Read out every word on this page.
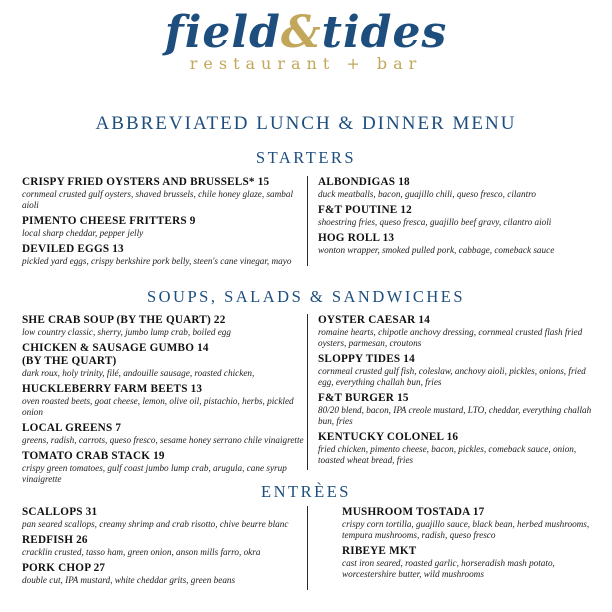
field&tides
restaurant + bar
ABBREVIATED LUNCH & DINNER MENU
STARTERS
CRISPY FRIED OYSTERS AND BRUSSELS* 15
cornmeal crusted gulf oysters, shaved brussels, chile honey glaze, sambal aioli
PIMENTO CHEESE FRITTERS 9
local sharp cheddar, pepper jelly
DEVILED EGGS 13
pickled yard eggs, crispy berkshire pork belly, steen's cane vinegar, mayo
ALBONDIGAS 18
duck meatballs, bacon, guajillo chili, queso fresco, cilantro
F&T POUTINE 12
shoestring fries, queso fresca, guajillo beef gravy, cilantro aioli
HOG ROLL 13
wonton wrapper, smoked pulled pork, cabbage, comeback sauce
SOUPS, SALADS & SANDWICHES
SHE CRAB SOUP (BY THE QUART) 22
low country classic, sherry, jumbo lump crab, boiled egg
CHICKEN & SAUSAGE GUMBO 14
(BY THE QUART)
dark roux, holy trinity, filé, andouille sausage, roasted chicken,
HUCKLEBERRY FARM BEETS 13
oven roasted beets, goat cheese, lemon, olive oil, pistachio, herbs, pickled onion
LOCAL GREENS 7
greens, radish, carrots, queso fresco, sesame honey serrano chile vinaigrette
TOMATO CRAB STACK 19
crispy green tomatoes, gulf coast jumbo lump crab, arugula, cane syrup vinaigrette
OYSTER CAESAR 14
romaine hearts, chipotle anchovy dressing, cornmeal crusted flash fried oysters, parmesan, croutons
SLOPPY TIDES 14
cornmeal crusted gulf fish, coleslaw, anchovy aioli, pickles, onions, fried egg, everything challah bun, fries
F&T BURGER 15
80/20 blend, bacon, IPA creole mustard, LTO, cheddar, everything challah bun, fries
KENTUCKY COLONEL 16
fried chicken, pimento cheese, bacon, pickles, comeback sauce, onion, toasted wheat bread, fries
ENTRÈES
SCALLOPS 31
pan seared scallops, creamy shrimp and crab risotto, chive beurre blanc
REDFISH 26
cracklin crusted, tasso ham, green onion, anson mills farro, okra
PORK CHOP 27
double cut, IPA mustard, white cheddar grits, green beans
MUSHROOM TOSTADA 17
crispy corn tortilla, guajillo sauce, black bean, herbed mushrooms, tempura mushrooms, radish, queso fresco
RIBEYE MKT
cast iron seared, roasted garlic, horseradish mash potato, worcestershire butter, wild mushrooms
